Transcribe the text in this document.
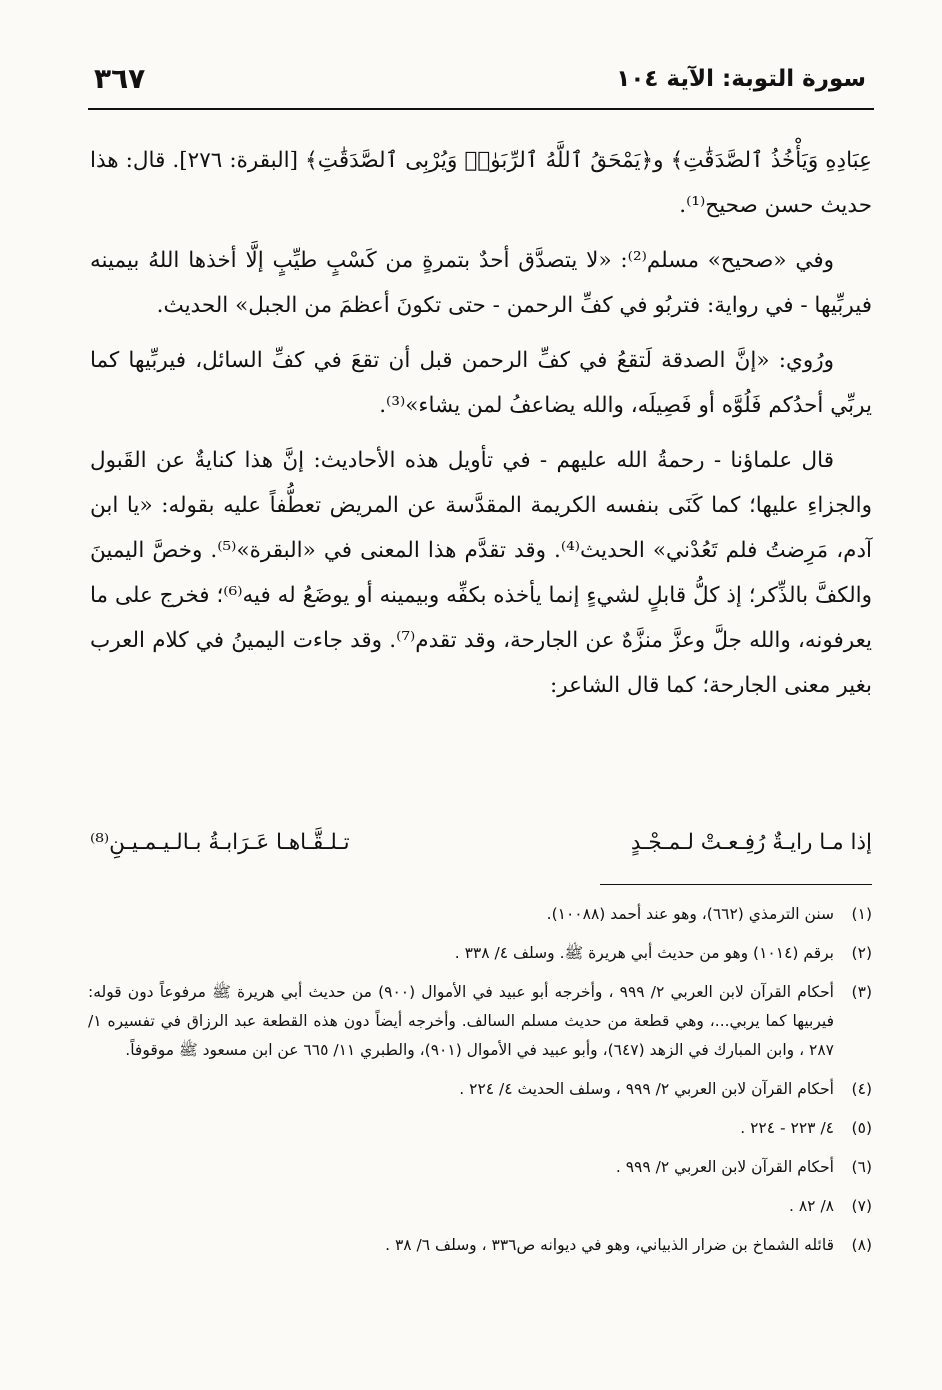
سورة التوبة: الآية ١٠٤
٣٦٧

عِبَادِهِ وَيَأْخُذُ ٱلصَّدَقَٰتِ﴾ و﴿يَمْحَقُ ٱللَّهُ ٱلرِّبَوٰا۟ وَيُرْبِى ٱلصَّدَقَٰتِ﴾ [البقرة: ٢٧٦]. قال: هذا حديث حسن صحيح⁽¹⁾.

وفي «صحيح» مسلم⁽²⁾: «لا يتصدَّق أحدٌ بتمرةٍ من كَسْبٍ طيِّبٍ إلَّا أخذها اللهُ بيمينه فيربِّيها - في رواية: فتربُو في كفِّ الرحمن - حتى تكونَ أعظمَ من الجبل» الحديث.

ورُوي: «إنَّ الصدقة لَتقعُ في كفِّ الرحمن قبل أن تقعَ في كفِّ السائل، فيربِّيها كما يربِّي أحدُكم فَلُوَّه أو فَصِيلَه، والله يضاعفُ لمن يشاء»⁽³⁾.

قال علماؤنا - رحمةُ الله عليهم - في تأويل هذه الأحاديث: إنَّ هذا كنايةٌ عن القَبول والجزاءِ عليها؛ كما كَنَى بنفسه الكريمة المقدَّسة عن المريض تعطُّفاً عليه بقوله: «يا ابن آدم، مَرِضتُ فلم تَعُدْني» الحديث⁽⁴⁾. وقد تقدَّم هذا المعنى في «البقرة»⁽⁵⁾. وخصَّ اليمينَ والكفَّ بالذِّكر؛ إذ كلُّ قابلٍ لشيءٍ إنما يأخذه بكفِّه وبيمينه أو يوضَعُ له فيه⁽⁶⁾؛ فخرج على ما يعرفونه، والله جلَّ وعزَّ منزَّهٌ عن الجارحة، وقد تقدم⁽⁷⁾. وقد جاءت اليمينُ في كلام العرب بغير معنى الجارحة؛ كما قال الشاعر:

إذا مـا رايـةٌ رُفِـعـتْ لـمـجْـدٍ
تـلـقَّـاهـا عَـرَابـةُ بـالـيـمـيـنِ⁽⁸⁾
(١)
سنن الترمذي (٦٦٢)، وهو عند أحمد (١٠٠٨٨).
(٢)
برقم (١٠١٤) وهو من حديث أبي هريرة ﷺ. وسلف ٤/ ٣٣٨ .
(٣)
أحكام القرآن لابن العربي ٢/ ٩٩٩ ، وأخرجه أبو عبيد في الأموال (٩٠٠) من حديث أبي هريرة ﷺ مرفوعاً دون قوله: فيربيها كما يربي...، وهي قطعة من حديث مسلم السالف. وأخرجه أيضاً دون هذه القطعة عبد الرزاق في تفسيره ١/ ٢٨٧ ، وابن المبارك في الزهد (٦٤٧)، وأبو عبيد في الأموال (٩٠١)، والطبري ١١/ ٦٦٥ عن ابن مسعود ﷺ موقوفاً.
(٤)
أحكام القرآن لابن العربي ٢/ ٩٩٩ ، وسلف الحديث ٤/ ٢٢٤ .
(٥)
٤/ ٢٢٣ - ٢٢٤ .
(٦)
أحكام القرآن لابن العربي ٢/ ٩٩٩ .
(٧)
٨/ ٨٢ .
(٨)
قائله الشماخ بن ضرار الذبياني، وهو في ديوانه ص٣٣٦ ، وسلف ٦/ ٣٨ .
